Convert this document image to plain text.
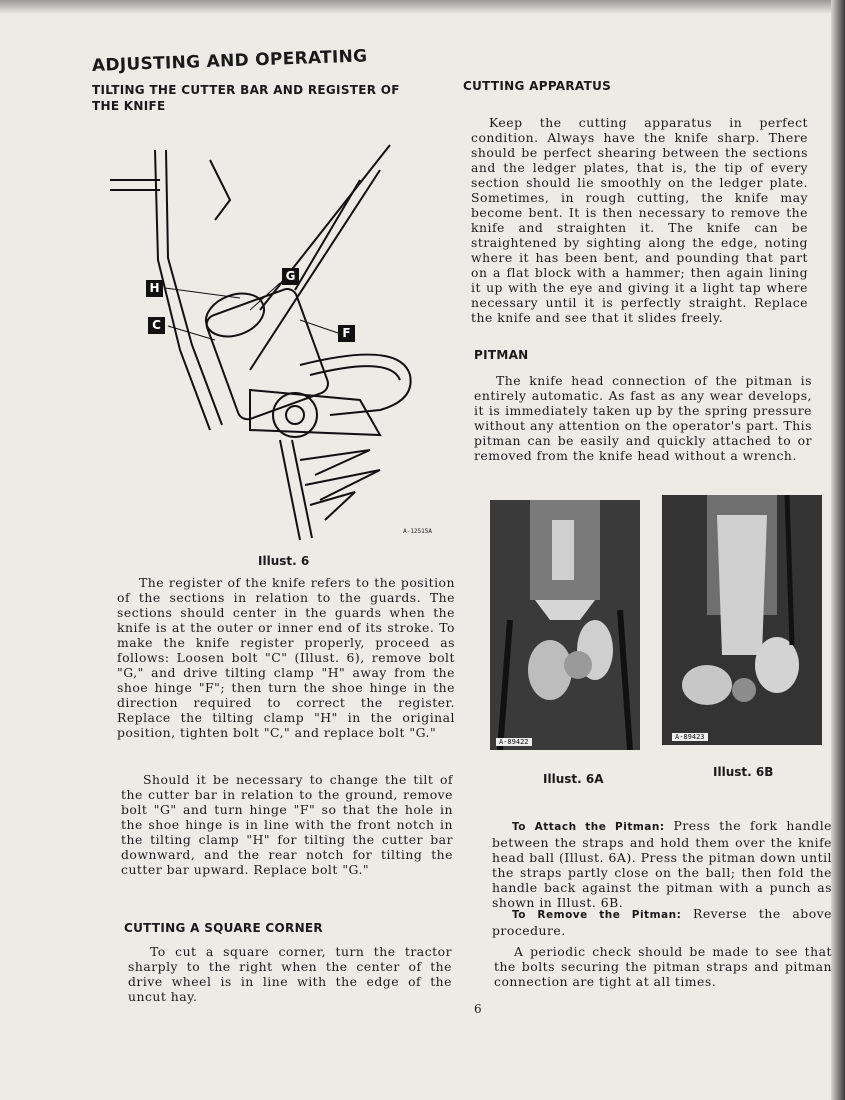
ADJUSTING AND OPERATING
TILTING THE CUTTER BAR AND REGISTER OF THE KNIFE
H
G
C
F
A-12515A
Illust. 6
The register of the knife refers to the position of the sections in relation to the guards. The sections should center in the guards when the knife is at the outer or inner end of its stroke. To make the knife register properly, proceed as follows: Loosen bolt "C" (Illust. 6), remove bolt "G," and drive tilting clamp "H" away from the shoe hinge "F"; then turn the shoe hinge in the direction required to correct the register. Replace the tilting clamp "H" in the original position, tighten bolt "C," and replace bolt "G."
Should it be necessary to change the tilt of the cutter bar in relation to the ground, remove bolt "G" and turn hinge "F" so that the hole in the shoe hinge is in line with the front notch in the tilting clamp "H" for tilting the cutter bar downward, and the rear notch for tilting the cutter bar upward. Replace bolt "G."
CUTTING A SQUARE CORNER
To cut a square corner, turn the tractor sharply to the right when the center of the drive wheel is in line with the edge of the uncut hay.
CUTTING APPARATUS
Keep the cutting apparatus in perfect condition. Always have the knife sharp. There should be perfect shearing between the sections and the ledger plates, that is, the tip of every section should lie smoothly on the ledger plate. Sometimes, in rough cutting, the knife may become bent. It is then necessary to remove the knife and straighten it. The knife can be straightened by sighting along the edge, noting where it has been bent, and pounding that part on a flat block with a hammer; then again lining it up with the eye and giving it a light tap where necessary until it is perfectly straight. Replace the knife and see that it slides freely.
PITMAN
The knife head connection of the pitman is entirely automatic. As fast as any wear develops, it is immediately taken up by the spring pressure without any attention on the operator's part. This pitman can be easily and quickly attached to or removed from the knife head without a wrench.
A-89422
A-89423
Illust. 6A	Illust. 6B
To Attach the Pitman: Press the fork handle between the straps and hold them over the knife head ball (Illust. 6A). Press the pitman down until the straps partly close on the ball; then fold the handle back against the pitman with a punch as shown in Illust. 6B.
To Remove the Pitman: Reverse the above procedure.
A periodic check should be made to see that the bolts securing the pitman straps and pitman connection are tight at all times.
6
